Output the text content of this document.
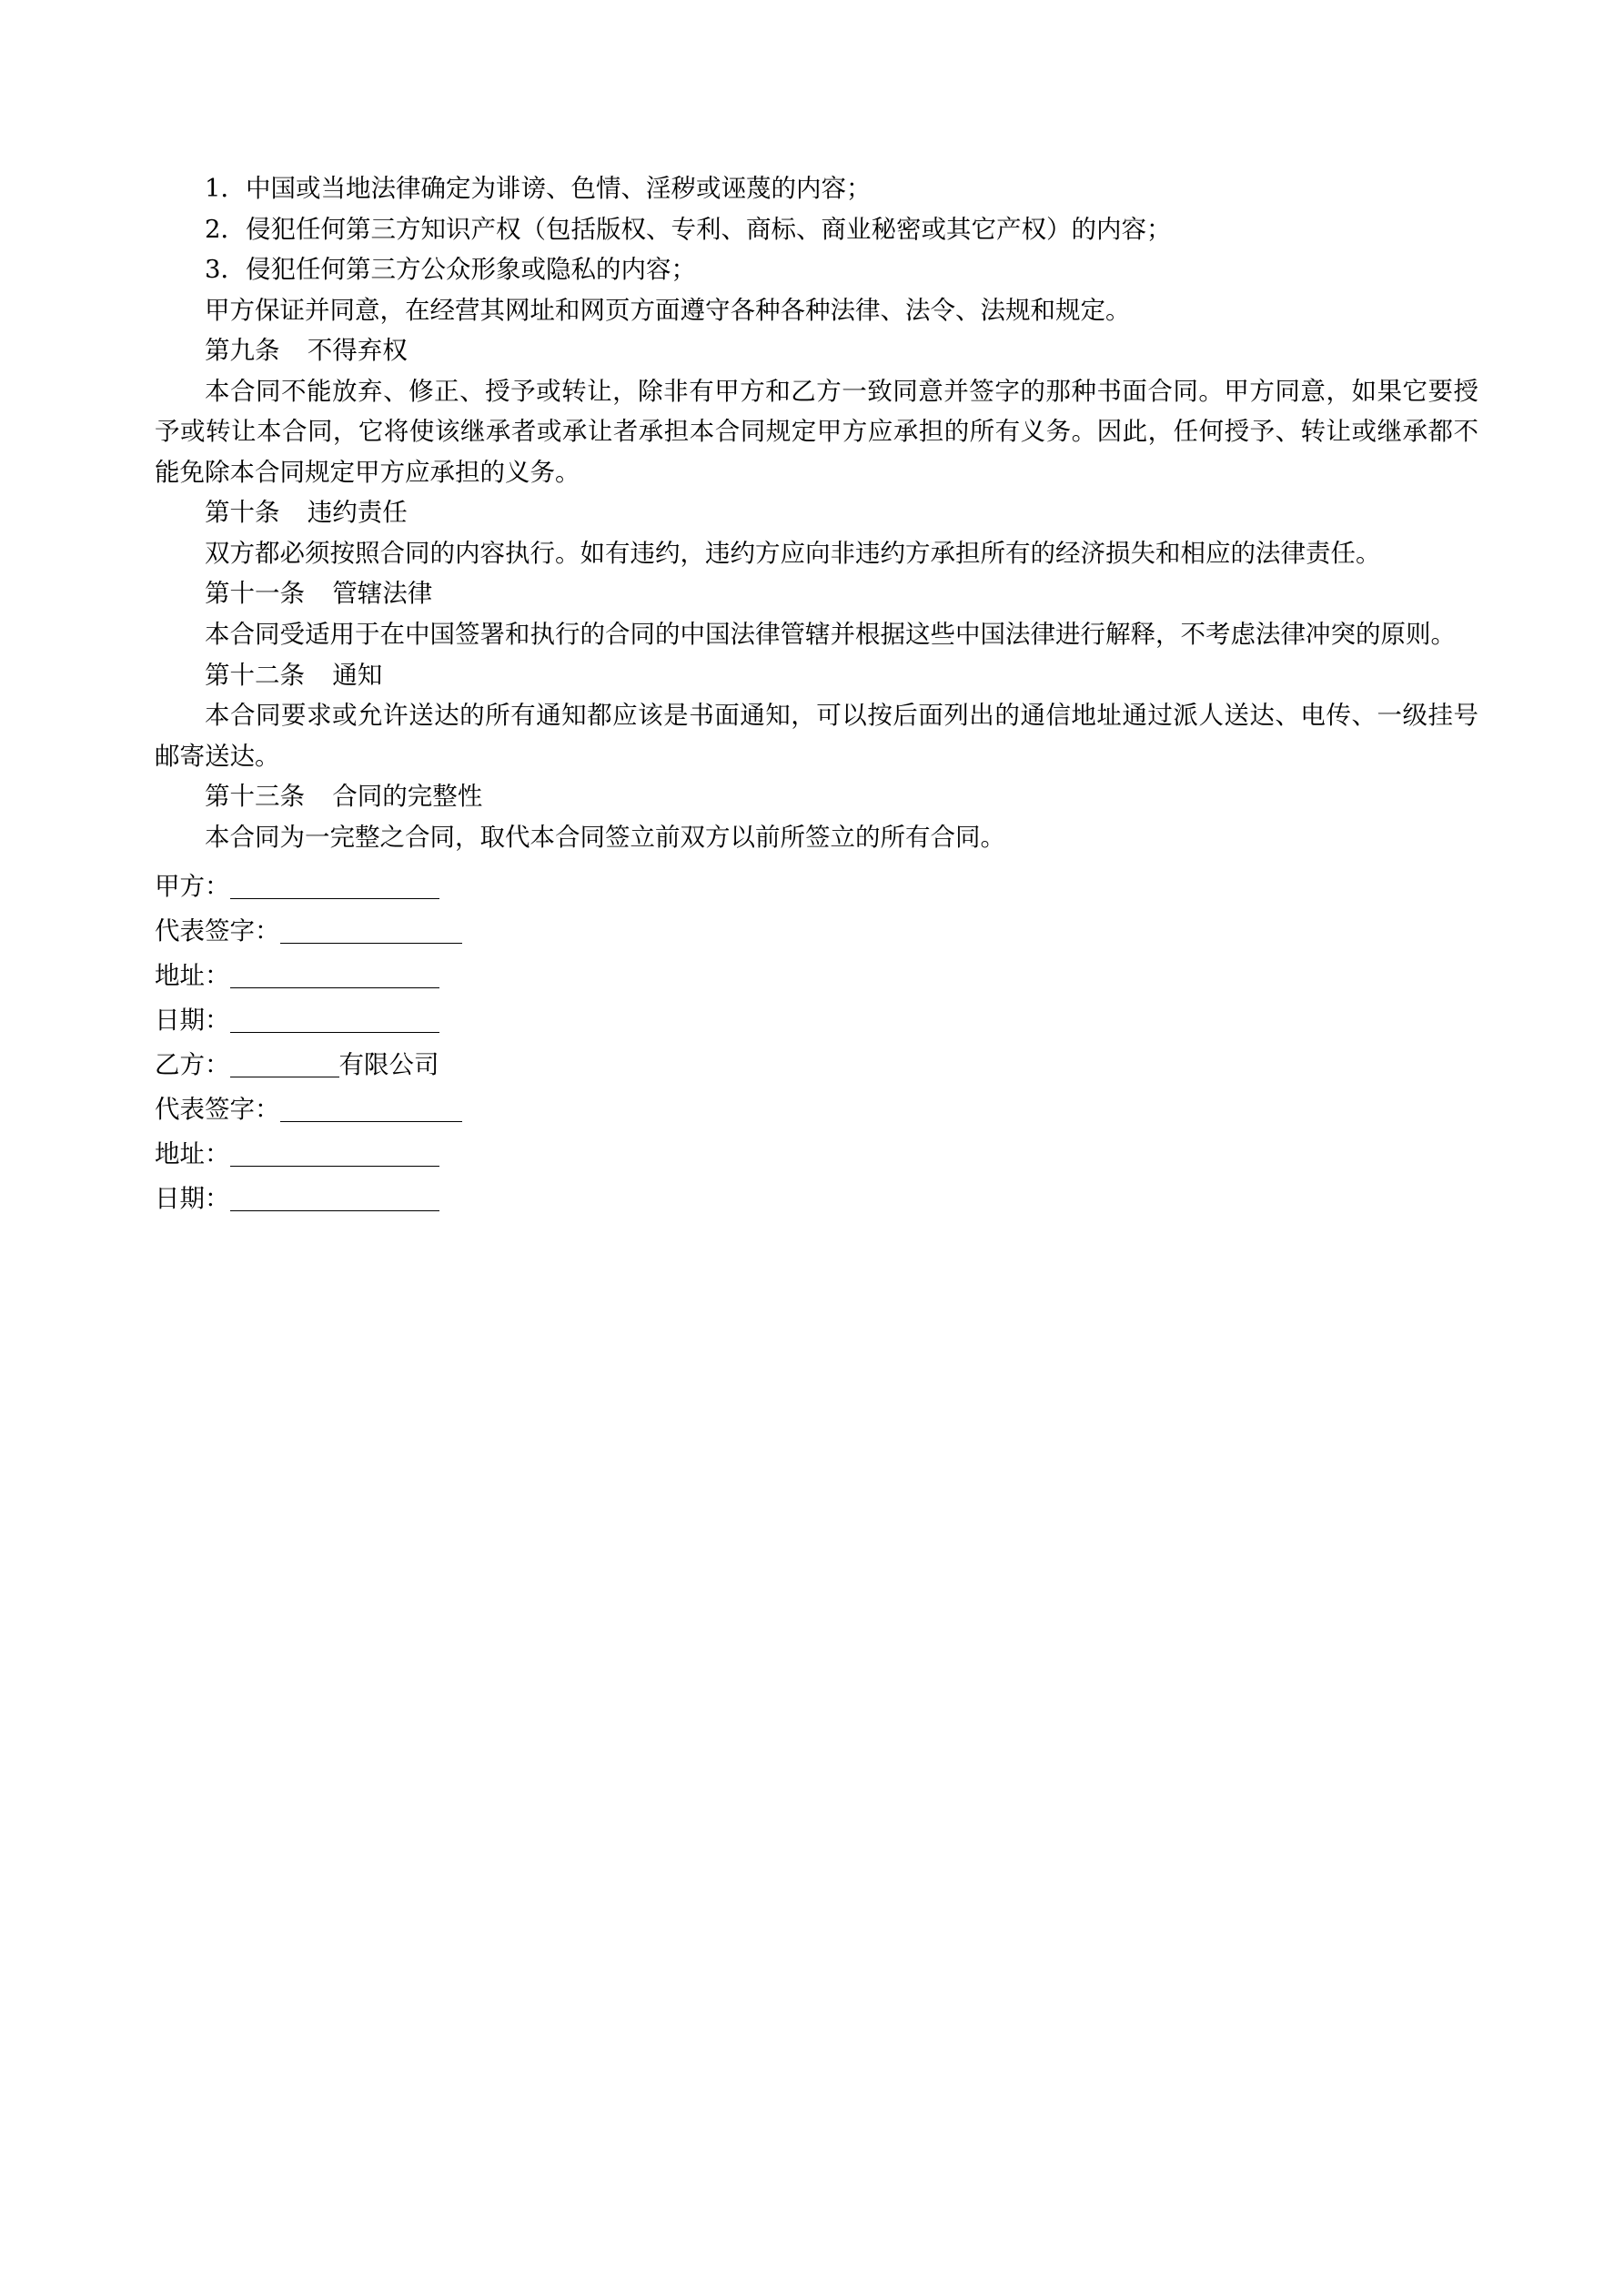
1．中国或当地法律确定为诽谤、色情、淫秽或诬蔑的内容；

2．侵犯任何第三方知识产权（包括版权、专利、商标、商业秘密或其它产权）的内容；

3．侵犯任何第三方公众形象或隐私的内容；

甲方保证并同意，在经营其网址和网页方面遵守各种各种法律、法令、法规和规定。

第九条 不得弃权

本合同不能放弃、修正、授予或转让，除非有甲方和乙方一致同意并签字的那种书面合同。甲方同意，如果它要授予或转让本合同，它将使该继承者或承让者承担本合同规定甲方应承担的所有义务。因此，任何授予、转让或继承都不能免除本合同规定甲方应承担的义务。

第十条 违约责任

双方都必须按照合同的内容执行。如有违约，违约方应向非违约方承担所有的经济损失和相应的法律责任。

第十一条 管辖法律

本合同受适用于在中国签署和执行的合同的中国法律管辖并根据这些中国法律进行解释，不考虑法律冲突的原则。

第十二条 通知

本合同要求或允许送达的所有通知都应该是书面通知，可以按后面列出的通信地址通过派人送达、电传、一级挂号邮寄送达。

第十三条 合同的完整性

本合同为一完整之合同，取代本合同签立前双方以前所签立的所有合同。

甲方：

代表签字：

地址：

日期：

乙方：	有限公司

代表签字：

地址：

日期：
